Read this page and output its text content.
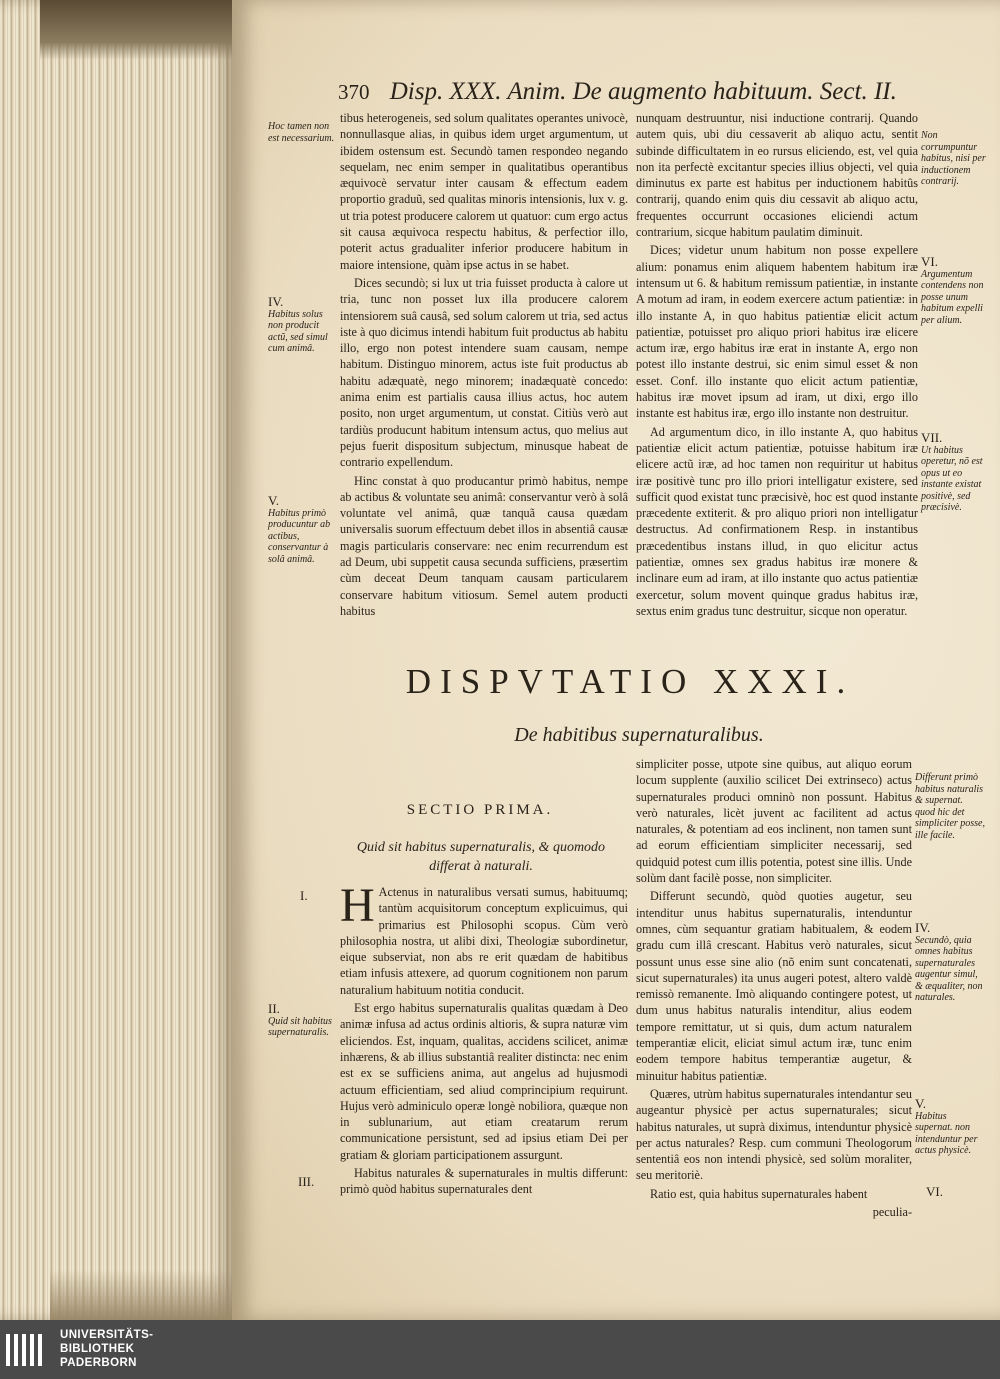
370 Disp. XXX. Anim. De augmento habituum. Sect. II.
Hoc tamen non est necessarium.
IV.
Habitus solus non producit actũ, sed simul cum animâ.
V.
Habitus primò producuntur ab actibus, conservantur à solâ animâ.

tibus heterogeneis, sed solum qualitates operantes univocè, nonnullasque alias, in quibus idem urget argumentum, ut ibidem ostensum est. Secundò tamen respondeo negando sequelam, nec enim semper in qualitatibus operantibus æquivocè servatur inter causam & effectum eadem proportio graduũ, sed qualitas minoris intensionis, lux v. g. ut tria potest producere calorem ut quatuor: cum ergo actus sit causa æquivoca respectu habitus, & perfectior illo, poterit actus gradualiter inferior producere habitum in maiore intensione, quàm ipse actus in se habet.

Dices secundò; si lux ut tria fuisset producta à calore ut tria, tunc non posset lux illa producere calorem intensiorem suâ causâ, sed solum calorem ut tria, sed actus iste à quo dicimus intendi habitum fuit productus ab habitu illo, ergo non potest intendere suam causam, nempe habitum. Distinguo minorem, actus iste fuit productus ab habitu adæquatè, nego minorem; inadæquatè concedo: anima enim est partialis causa illius actus, hoc autem posito, non urget argumentum, ut constat. Citiùs verò aut tardiùs producunt habitum intensum actus, quo melius aut pejus fuerit dispositum subjectum, minusque habeat de contrario expellendum.

Hinc constat à quo producantur primò habitus, nempe ab actibus & voluntate seu animâ: conservantur verò à solâ voluntate vel animâ, quæ tanquã causa quædam universalis suorum effectuum debet illos in absentiâ causæ magis particularis conservare: nec enim recurrendum est ad Deum, ubi suppetit causa secunda sufficiens, præsertim cùm deceat Deum tanquam causam particularem conservare habitum vitiosum. Semel autem producti habitus

nunquam destruuntur, nisi inductione contrarij. Quando autem quis, ubi diu cessaverit ab aliquo actu, sentit subinde difficultatem in eo rursus eliciendo, est, vel quia non ita perfectè excitantur species illius objecti, vel quia diminutus ex parte est habitus per inductionem habitûs contrarij, quando enim quis diu cessavit ab aliquo actu, frequentes occurrunt occasiones eliciendi actum contrarium, sicque habitum paulatim diminuit.

Dices; videtur unum habitum non posse expellere alium: ponamus enim aliquem habentem habitum iræ intensum ut 6. & habitum remissum patientiæ, in instante A motum ad iram, in eodem exercere actum patientiæ: in illo instante A, in quo habitus patientiæ elicit actum patientiæ, potuisset pro aliquo priori habitus iræ elicere actum iræ, ergo habitus iræ erat in instante A, ergo non potest illo instante destrui, sic enim simul esset & non esset. Conf. illo instante quo elicit actum patientiæ, habitus iræ movet ipsum ad iram, ut dixi, ergo illo instante est habitus iræ, ergo illo instante non destruitur.

Ad argumentum dico, in illo instante A, quo habitus patientiæ elicit actum patientiæ, potuisse habitum iræ elicere actũ iræ, ad hoc tamen non requiritur ut habitus iræ positivè tunc pro illo priori intelligatur existere, sed sufficit quod existat tunc præcisivè, hoc est quod instante præcedente extiterit. & pro aliquo priori non intelligatur destructus. Ad confirmationem Resp. in instantibus præcedentibus instans illud, in quo elicitur actus patientiæ, omnes sex gradus habitus iræ monere & inclinare eum ad iram, at illo instante quo actus patientiæ exercetur, solum movent quinque gradus habitus iræ, sextus enim gradus tunc destruitur, sicque non operatur.

Non corrumpuntur habitus, nisi per inductionem contrarij.
VI.
Argumentum contendens non posse unum habitum expelli per alium.
VII.
Ut habitus operetur, nõ est opus ut eo instante existat positivè, sed præcisivè.
DISPVTATIO XXXI.
De habitibus supernaturalibus.
SECTIO PRIMA.
Quid sit habitus supernaturalis, & quomodo differat à naturali.
I.
II.
Quid sit habitus supernaturalis.
III.

H Actenus in naturalibus versati sumus, habituumq; tantùm acquisitorum conceptum explicuimus, qui primarius est Philosophi scopus. Cùm verò philosophia nostra, ut alibi dixi, Theologiæ subordinetur, eique subserviat, non abs re erit quædam de habitibus etiam infusis attexere, ad quorum cognitionem non parum naturalium habituum notitia conducit.

Est ergo habitus supernaturalis qualitas quædam à Deo animæ infusa ad actus ordinis altioris, & supra naturæ vim eliciendos. Est, inquam, qualitas, accidens scilicet, animæ inhærens, & ab illius substantiâ realiter distincta: nec enim est ex se sufficiens anima, aut angelus ad hujusmodi actuum efficientiam, sed aliud comprincipium requirunt. Hujus verò adminiculo operæ longè nobiliora, quæque non in sublunarium, aut etiam creatarum rerum communicatione persistunt, sed ad ipsius etiam Dei per gratiam & gloriam participationem assurgunt.

Habitus naturales & supernaturales in multis differunt: primò quòd habitus supernaturales dent

simpliciter posse, utpote sine quibus, aut aliquo eorum locum supplente (auxilio scilicet Dei extrinseco) actus supernaturales produci omninò non possunt. Habitus verò naturales, licèt juvent ac facilitent ad actus naturales, & potentiam ad eos inclinent, non tamen sunt ad eorum efficientiam simpliciter necessarij, sed quidquid potest cum illis potentia, potest sine illis. Unde solùm dant facilè posse, non simpliciter.

Differunt secundò, quòd quoties augetur, seu intenditur unus habitus supernaturalis, intenduntur omnes, cùm sequantur gratiam habitualem, & eodem gradu cum illâ crescant. Habitus verò naturales, sicut possunt unus esse sine alio (nõ enim sunt concatenati, sicut supernaturales) ita unus augeri potest, altero valdè remissò remanente. Imò aliquando contingere potest, ut dum unus habitus naturalis intenditur, alius eodem tempore remittatur, ut si quis, dum actum naturalem temperantiæ elicit, eliciat simul actum iræ, tunc enim eodem tempore habitus temperantiæ augetur, & minuitur habitus patientiæ.

Quæres, utrùm habitus supernaturales intendantur seu augeantur physicè per actus supernaturales; sicut habitus naturales, ut suprà diximus, intenduntur physicè per actus naturales? Resp. cum communi Theologorum sententiâ eos non intendi physicè, sed solùm moraliter, seu meritoriè.

Ratio est, quia habitus supernaturales habent

peculia-

Differunt primò habitus naturalis & supernat. quod hic det simpliciter posse, ille facile.
IV.
Secundò, quia omnes habitus supernaturales augentur simul, & æqualiter, non naturales.
V.
Habitus supernat. non intenduntur per actus physicè.
VI.
UNIVERSITÄTS-
BIBLIOTHEK
PADERBORN
